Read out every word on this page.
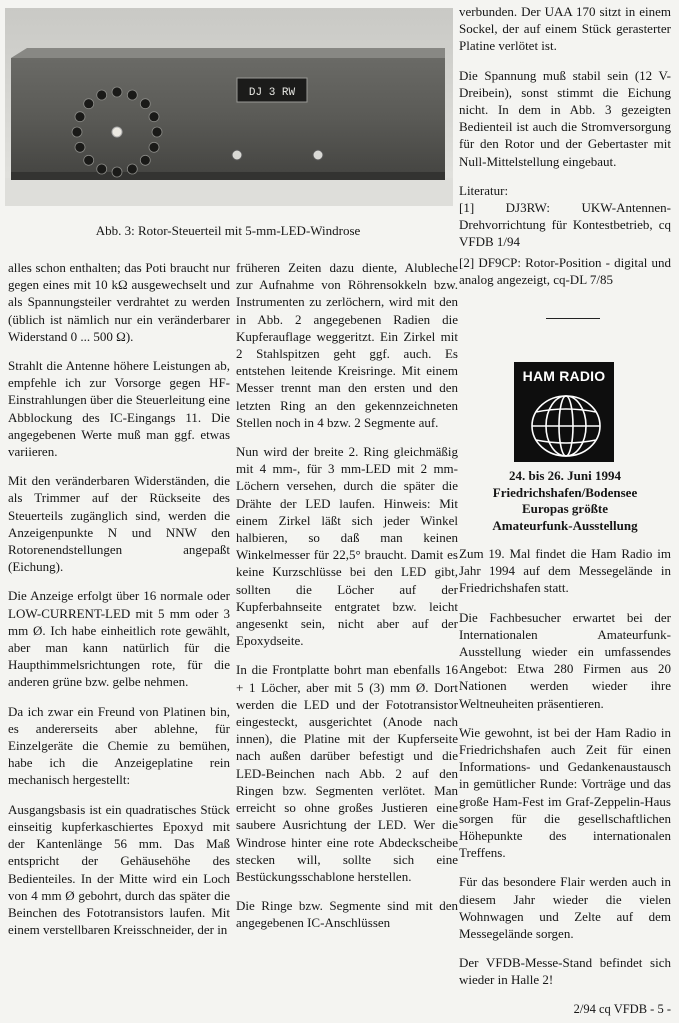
DJ 3 RW
Abb. 3: Rotor-Steuerteil mit 5-mm-LED-Windrose

alles schon enthalten; das Poti braucht nur gegen eines mit 10 kΩ ausgewechselt und als Spannungsteiler verdrahtet zu werden (üblich ist nämlich nur ein veränderbarer Widerstand 0 ... 500 Ω).

Strahlt die Antenne höhere Leistungen ab, empfehle ich zur Vorsorge gegen HF-Einstrahlungen über die Steuerleitung eine Abblockung des IC-Eingangs 11. Die angegebenen Werte muß man ggf. etwas variieren.

Mit den veränderbaren Widerständen, die als Trimmer auf der Rückseite des Steuerteils zugänglich sind, werden die Anzeigenpunkte N und NNW den Rotorenendstellungen angepaßt (Eichung).

Die Anzeige erfolgt über 16 normale oder LOW-CURRENT-LED mit 5 mm oder 3 mm Ø. Ich habe einheitlich rote gewählt, aber man kann natürlich für die Haupthimmelsrichtungen rote, für die anderen grüne bzw. gelbe nehmen.

Da ich zwar ein Freund von Platinen bin, es andererseits aber ablehne, für Einzelgeräte die Chemie zu bemühen, habe ich die Anzeigeplatine rein mechanisch hergestellt:

Ausgangsbasis ist ein quadratisches Stück einseitig kupferkaschiertes Epoxyd mit der Kantenlänge 56 mm. Das Maß entspricht der Gehäusehöhe des Bedienteiles. In der Mitte wird ein Loch von 4 mm Ø gebohrt, durch das später die Beinchen des Fototransistors laufen. Mit einem verstellbaren Kreisschneider, der in

früheren Zeiten dazu diente, Alubleche zur Aufnahme von Röhrensokkeln bzw. Instrumenten zu zerlöchern, wird mit den in Abb. 2 angegebenen Radien die Kupferauflage weggeritzt. Ein Zirkel mit 2 Stahlspitzen geht ggf. auch. Es entstehen leitende Kreisringe. Mit einem Messer trennt man den ersten und den letzten Ring an den gekennzeichneten Stellen noch in 4 bzw. 2 Segmente auf.

Nun wird der breite 2. Ring gleichmäßig mit 4 mm-, für 3 mm-LED mit 2 mm-Löchern versehen, durch die später die Drähte der LED laufen. Hinweis: Mit einem Zirkel läßt sich jeder Winkel halbieren, so daß man keinen Winkelmesser für 22,5° braucht. Damit es keine Kurzschlüsse bei den LED gibt, sollten die Löcher auf der Kupferbahnseite entgratet bzw. leicht angesenkt sein, nicht aber auf der Epoxydseite.

In die Frontplatte bohrt man ebenfalls 16 + 1 Löcher, aber mit 5 (3) mm Ø. Dort werden die LED und der Fototransistor eingesteckt, ausgerichtet (Anode nach innen), die Platine mit der Kupferseite nach außen darüber befestigt und die LED-Beinchen nach Abb. 2 auf den Ringen bzw. Segmenten verlötet. Man erreicht so ohne großes Justieren eine saubere Ausrichtung der LED. Wer die Windrose hinter eine rote Abdeckscheibe stecken will, sollte sich eine Bestückungsschablone herstellen.

Die Ringe bzw. Segmente sind mit den angegebenen IC-Anschlüssen

verbunden. Der UAA 170 sitzt in einem Sockel, der auf einem Stück gerasterter Platine verlötet ist.

Die Spannung muß stabil sein (12 V-Dreibein), sonst stimmt die Eichung nicht. In dem in Abb. 3 gezeigten Bedienteil ist auch die Stromversorgung für den Rotor und der Gebertaster mit Null-Mittelstellung eingebaut.

Literatur:

[1] DJ3RW: UKW-Antennen-Drehvorrichtung für Kontestbetrieb, cq VFDB 1/94

[2] DF9CP: Rotor-Position - digital und analog angezeigt, cq-DL 7/85

HAM RADIO
24. bis 26. Juni 1994
Friedrichshafen/Bodensee
Europas größte
Amateurfunk-Ausstellung

Zum 19. Mal findet die Ham Radio im Jahr 1994 auf dem Messegelände in Friedrichshafen statt.

Die Fachbesucher erwartet bei der Internationalen Amateurfunk-Ausstellung wieder ein umfassendes Angebot: Etwa 280 Firmen aus 20 Nationen werden wieder ihre Weltneuheiten präsentieren.

Wie gewohnt, ist bei der Ham Radio in Friedrichshafen auch Zeit für einen Informations- und Gedankenaustausch in gemütlicher Runde: Vorträge und das große Ham-Fest im Graf-Zeppelin-Haus sorgen für die gesellschaftlichen Höhepunkte des internationalen Treffens.

Für das besondere Flair werden auch in diesem Jahr wieder die vielen Wohnwagen und Zelte auf dem Messegelände sorgen.

Der VFDB-Messe-Stand befindet sich wieder in Halle 2!

2/94 cq VFDB - 5 -
